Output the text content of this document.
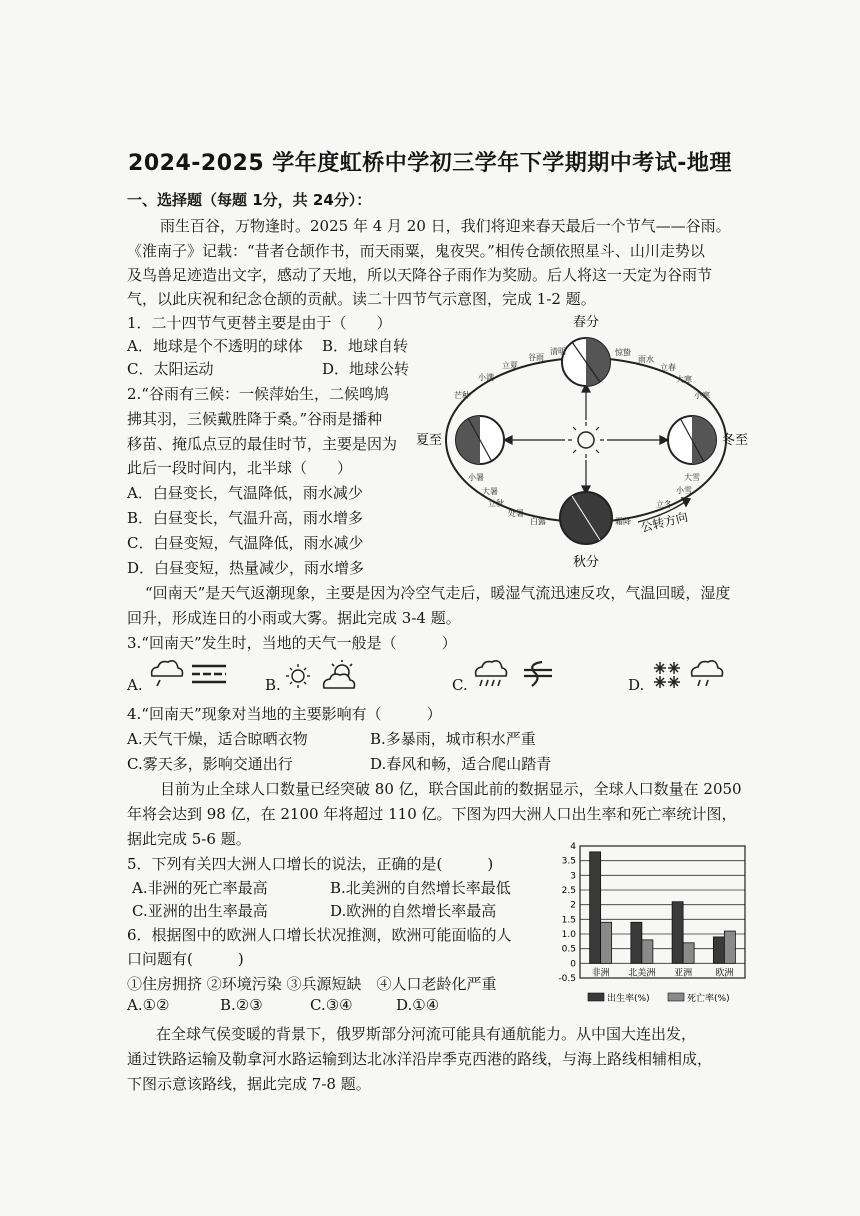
2024-2025 学年度虹桥中学初三学年下学期期中考试-地理
一、选择题（每题 1分，共 24分）：
雨生百谷，万物逢时。2025 年 4 月 20 日，我们将迎来春天最后一个节气——谷雨。
《淮南子》记载：“昔者仓颉作书，而天雨粟，鬼夜哭。”相传仓颉依照星斗、山川走势以
及鸟兽足迹造出文字，感动了天地，所以天降谷子雨作为奖励。后人将这一天定为谷雨节
气，以此庆祝和纪念仓颉的贡献。读二十四节气示意图，完成 1-2 题。
1．二十四节气更替主要是由于（　　）
A．地球是个不透明的球体 B．地球自转
C．太阳运动	D．地球公转
2.“谷雨有三候：一候萍始生，二候鸣鸠
拂其羽，三候戴胜降于桑。”谷雨是播种
移苗、掩瓜点豆的最佳时节，主要是因为
此后一段时间内，北半球（　　）
A．白昼变长，气温降低，雨水减少
B．白昼变长，气温升高，雨水增多
C．白昼变短，气温降低，雨水减少
D．白昼变短，热量减少，雨水增多
春分
秋分
夏至	冬至
公转方向
惊蛰
雨水
立春
大寒
小寒
大雪
小雪
立冬
霜降
白露
处暑
立秋
大暑
小暑
芒种
小满
立夏
谷雨
清明
“回南天”是天气返潮现象，主要是因为冷空气走后，暖湿气流迅速反攻，气温回暖，湿度
回升，形成连日的小雨或大雾。据此完成 3-4 题。
3.“回南天”发生时，当地的天气一般是（　　　）
A.	B.	C.	D.
4.“回南天”现象对当地的主要影响有（　　　）
A.天气干燥，适合晾晒衣物	B.多暴雨，城市积水严重
C.雾天多，影响交通出行	D.春风和畅，适合爬山踏青
目前为止全球人口数量已经突破 80 亿，联合国此前的数据显示，全球人口数量在 2050
年将会达到 98 亿，在 2100 年将超过 110 亿。下图为四大洲人口出生率和死亡率统计图，
据此完成 5-6 题。
5．下列有关四大洲人口增长的说法，正确的是(　　　)
A.非洲的死亡率最高	B.北美洲的自然增长率最低
C.亚洲的出生率最高	D.欧洲的自然增长率最高
6．根据图中的欧洲人口增长状况推测，欧洲可能面临的人
口问题有(　　　)
①住房拥挤 ②环境污染 ③兵源短缺　④人口老龄化严重
A.①②	B.②③	C.③④	D.①④
4
3.5
3
2.5
2
1.5
1.0
0.5
0
-0.5
非洲 北美洲 亚洲	欧洲
出生率(%)	死亡率(%)
在全球气侯变暖的背景下，俄罗斯部分河流可能具有通航能力。从中国大连出发，
通过铁路运输及勒拿河水路运输到达北冰洋沿岸季克西港的路线，与海上路线相辅相成，
下图示意该路线，据此完成 7-8 题。
